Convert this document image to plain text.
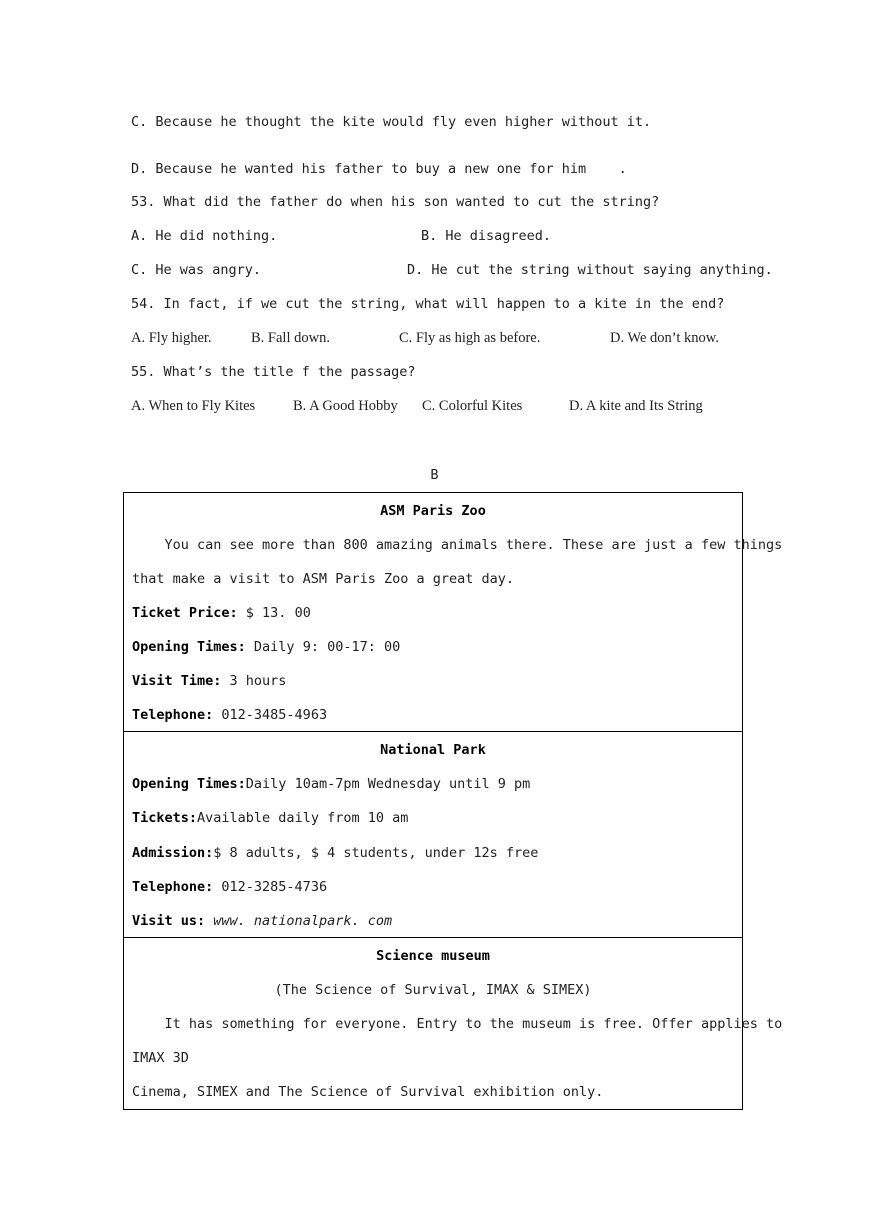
C. Because he thought the kite would fly even higher without it.
D. Because he wanted his father to buy a new one for him    .
53. What did the father do when his son wanted to cut the string?
A. He did nothing.	B. He disagreed.
C. He was angry.	D. He cut the string without saying anything.
54. In fact, if we cut the string, what will happen to a kite in the end?
A. Fly higher.	B. Fall down.	C. Fly as high as before.	D. We don’t know.
55. What’s the title f the passage?
A. When to Fly Kites	B. A Good Hobby C. Colorful Kites	D. A kite and Its String
B
ASM Paris Zoo
You can see more than 800 amazing animals there. These are just a few things
that make a visit to ASM Paris Zoo a great day.
Ticket Price: $ 13. 00
Opening Times: Daily 9: 00-17: 00
Visit Time: 3 hours
Telephone: 012-3485-4963
National Park
Opening Times:Daily 10am-7pm Wednesday until 9 pm
Tickets:Available daily from 10 am
Admission:$ 8 adults, $ 4 students, under 12s free
Telephone: 012-3285-4736
Visit us: www. nationalpark. com
Science museum
(The Science of Survival, IMAX & SIMEX)
It has something for everyone. Entry to the museum is free. Offer applies to
IMAX 3D
Cinema, SIMEX and The Science of Survival exhibition only.
